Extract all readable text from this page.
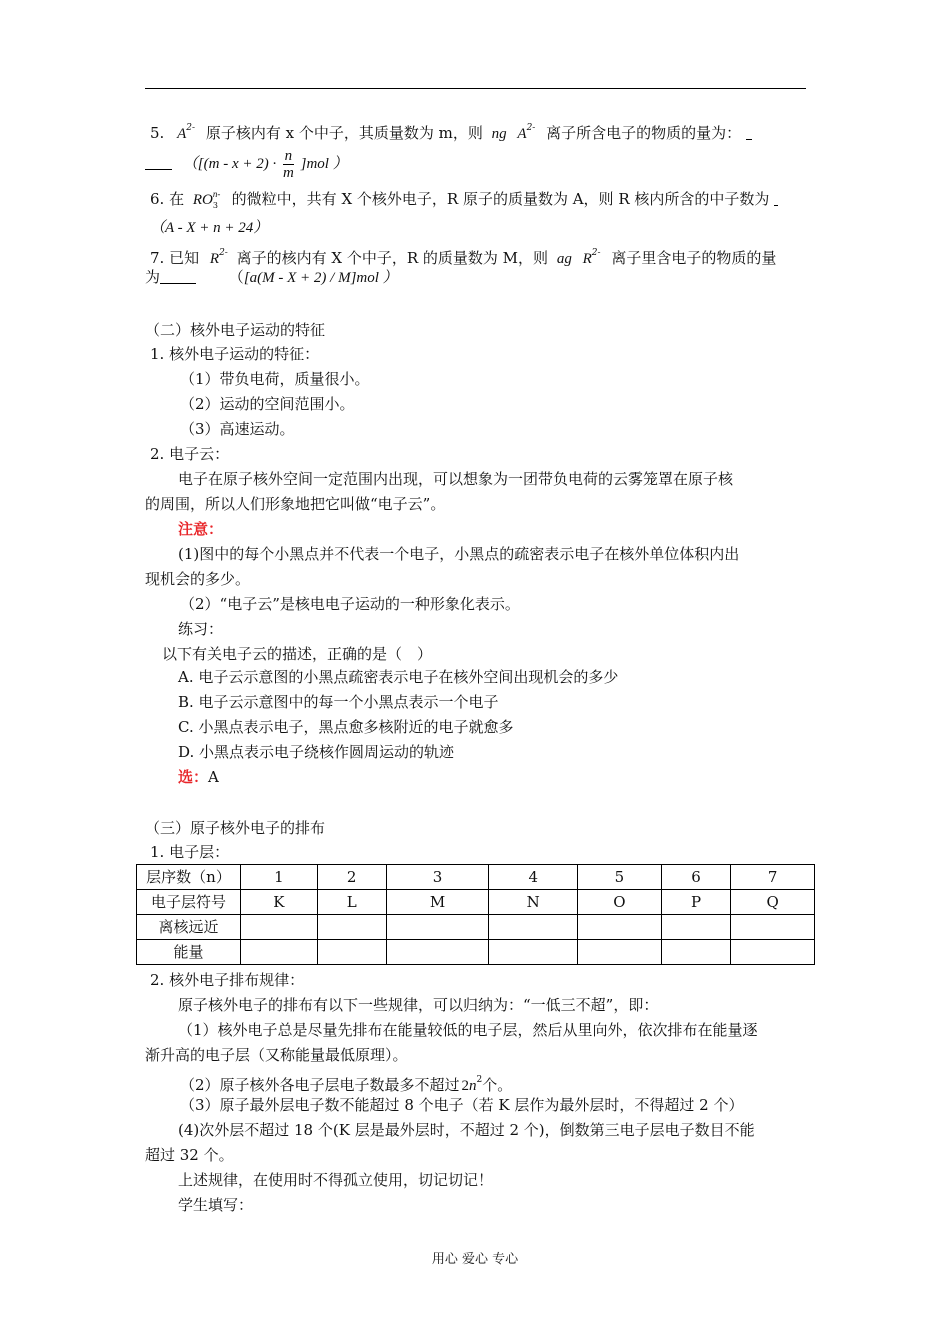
5. $A^{2-}$ 原子核内有 x 个中子，其质量数为 m，则 ng $A^{2-}$ 离子所含电子的物质的量为：
（$[(m - x + 2) \cdot \frac{n}{m} ]mol$ ）
6. 在 RO n-
3 的微粒中，共有 X 个核外电子，R 原子的质量数为 A，则 R 核内所含的中子数为
（A - X + n + 24）
7. 已知 $R^{2-}$ 离子的核内有 X 个中子，R 的质量数为 M，则 ag $R^{2-}$ 离子里含电子的物质的量
为	（[a(M - X + 2) / M]mol ）
（二）核外电子运动的特征
1. 核外电子运动的特征：
（1）带负电荷，质量很小。
（2）运动的空间范围小。
（3）高速运动。
2. 电子云：
电子在原子核外空间一定范围内出现，可以想象为一团带负电荷的云雾笼罩在原子核
的周围，所以人们形象地把它叫做“电子云”。
注意：
(1)图中的每个小黑点并不代表一个电子，小黑点的疏密表示电子在核外单位体积内出
现机会的多少。
（2）“电子云”是核电电子运动的一种形象化表示。
练习：
以下有关电子云的描述，正确的是（　）
A. 电子云示意图的小黑点疏密表示电子在核外空间出现机会的多少
B. 电子云示意图中的每一个小黑点表示一个电子
C. 小黑点表示电子，黑点愈多核附近的电子就愈多
D. 小黑点表示电子绕核作圆周运动的轨迹
选：A
（三）原子核外电子的排布
1. 电子层：
层序数（n）	1	2	3	4	5	6	7
电子层符号	K	L	M	N	O	P	Q
离核远近							
能量							
2. 核外电子排布规律：
原子核外电子的排布有以下一些规律，可以归纳为：“一低三不超”，即：
（1）核外电子总是尽量先排布在能量较低的电子层，然后从里向外，依次排布在能量逐
渐升高的电子层（又称能量最低原理）。
（2）原子核外各电子层电子数最多不超过 $2n^2$个。
（3）原子最外层电子数不能超过 8 个电子（若 K 层作为最外层时，不得超过 2 个）
(4)次外层不超过 18 个(K 层是最外层时，不超过 2 个)，倒数第三电子层电子数目不能
超过 32 个。
上述规律，在使用时不得孤立使用，切记切记！
学生填写：
用心 爱心 专心
